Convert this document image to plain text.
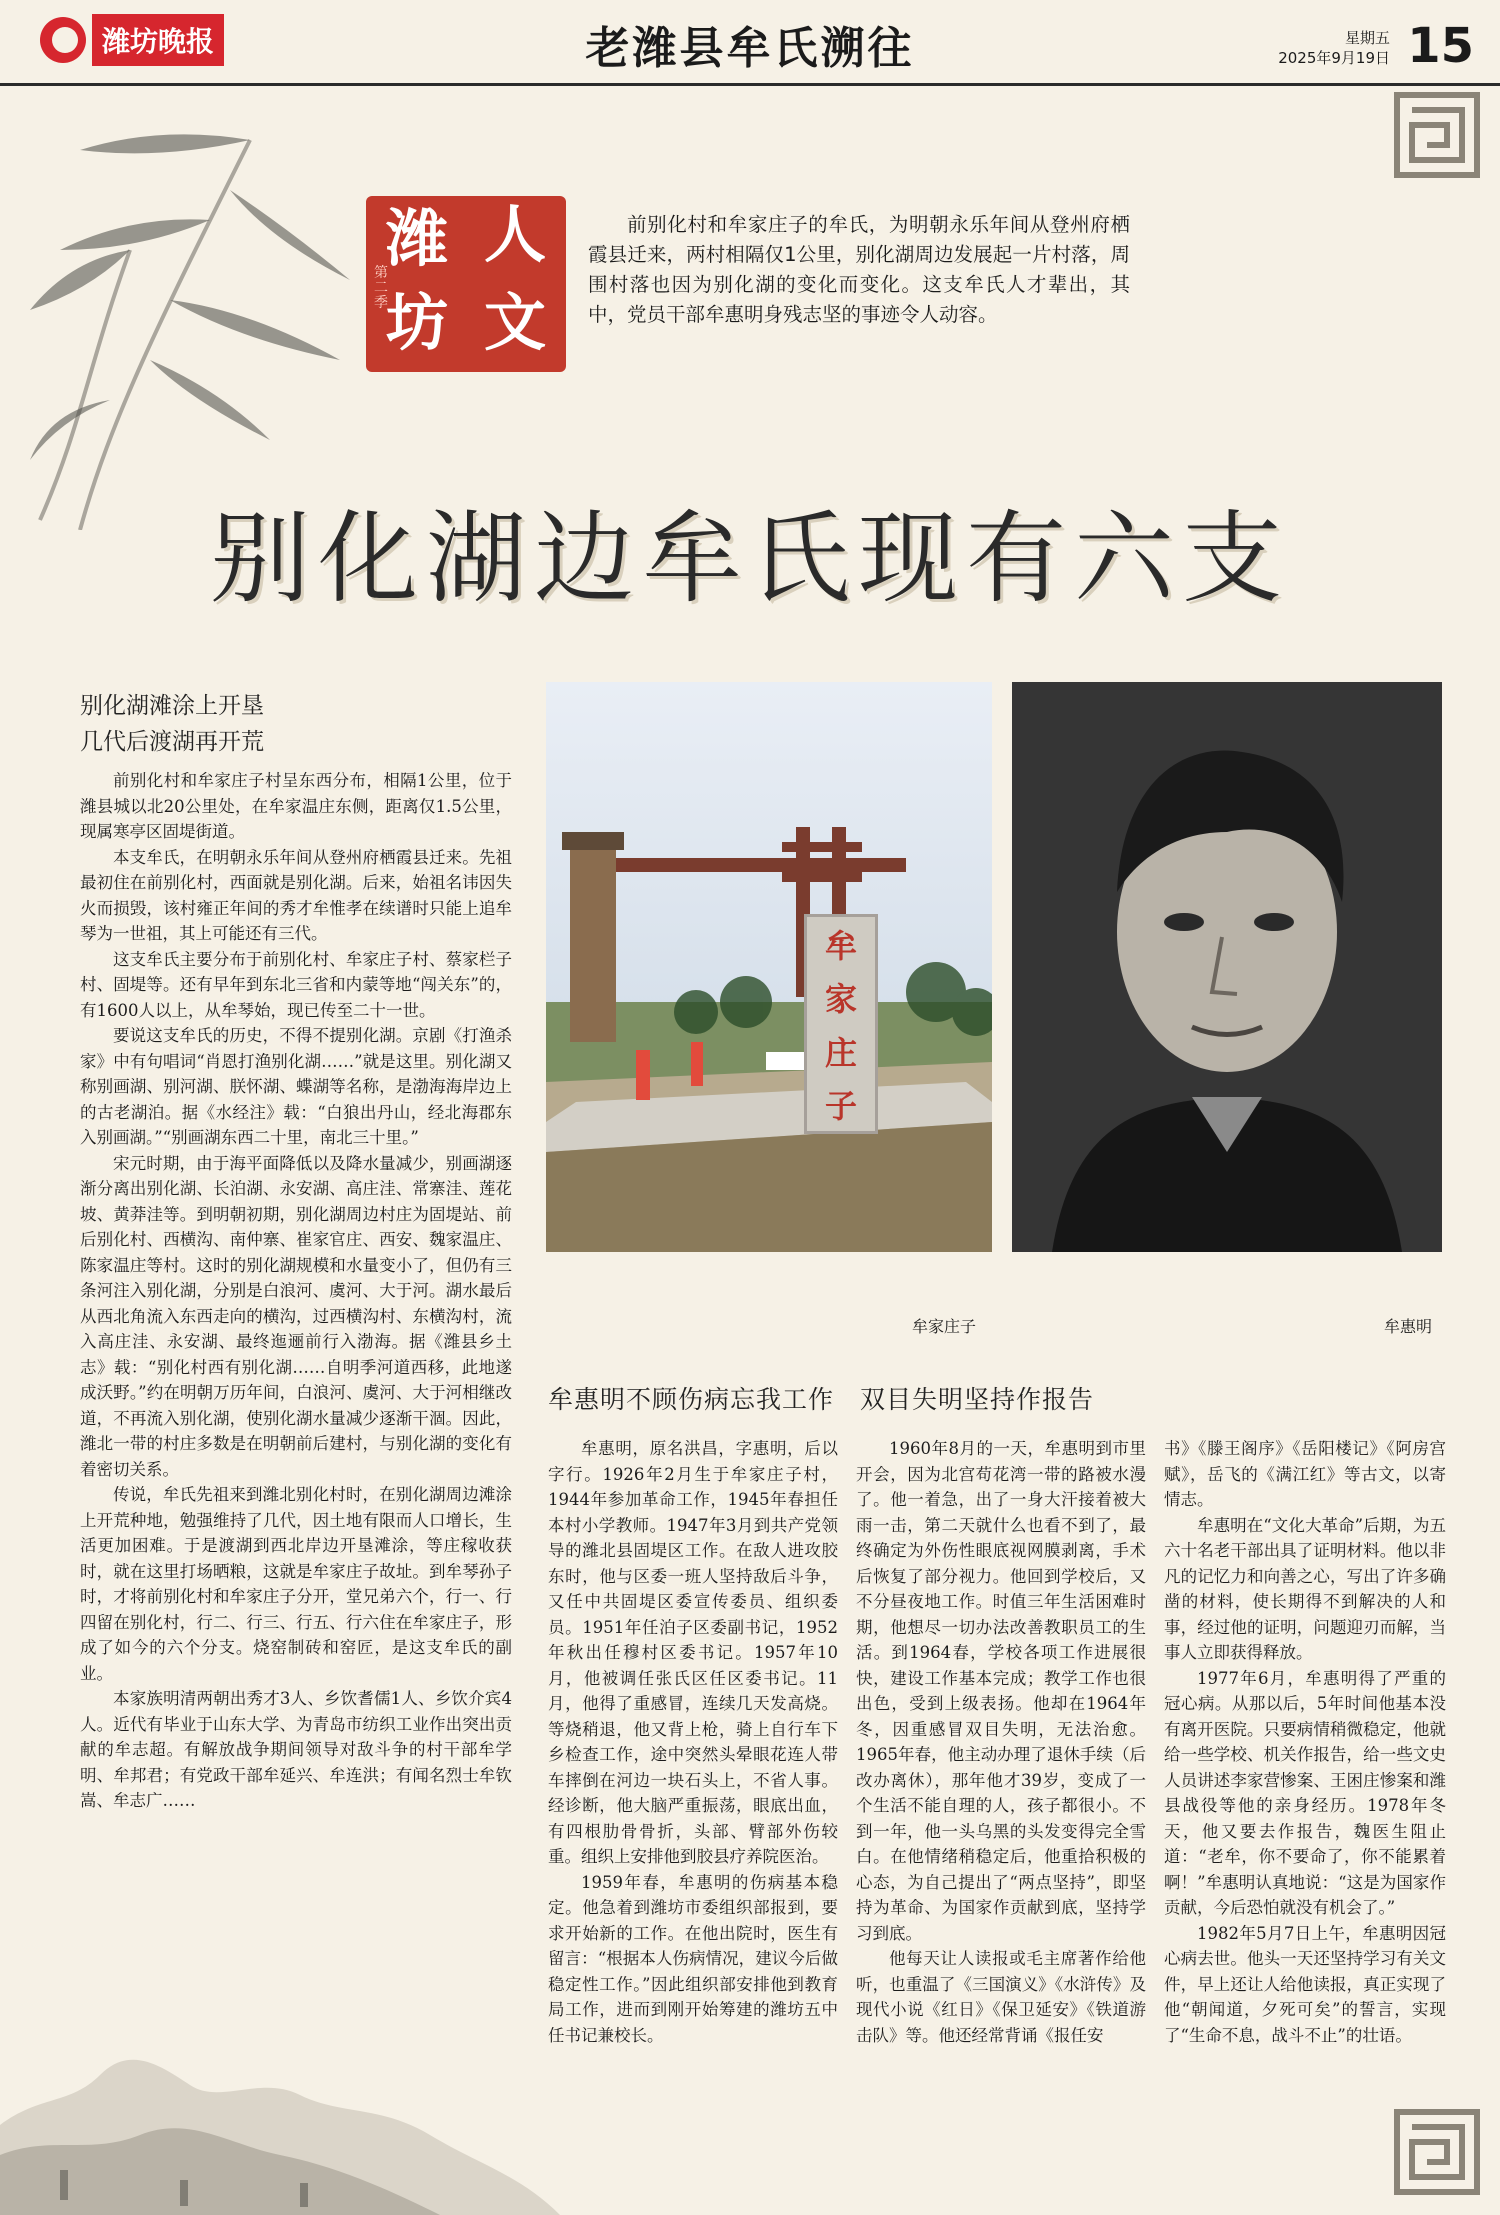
潍坊晚报	老潍县牟氏溯往	星期五
2025年9月19日 15
潍
坊
人
文
第二季
前别化村和牟家庄子的牟氏，为明朝永乐年间从登州府栖霞县迁来，两村相隔仅1公里，别化湖周边发展起一片村落，周围村落也因为别化湖的变化而变化。这支牟氏人才辈出，其中，党员干部牟惠明身残志坚的事迹令人动容。
别化湖边牟氏现有六支
别化湖滩涂上开垦
几代后渡湖再开荒

前别化村和牟家庄子村呈东西分布，相隔1公里，位于潍县城以北20公里处，在牟家温庄东侧，距离仅1.5公里，现属寒亭区固堤街道。

本支牟氏，在明朝永乐年间从登州府栖霞县迁来。先祖最初住在前别化村，西面就是别化湖。后来，始祖名讳因失火而损毁，该村雍正年间的秀才牟惟孝在续谱时只能上追牟琴为一世祖，其上可能还有三代。

这支牟氏主要分布于前别化村、牟家庄子村、蔡家栏子村、固堤等。还有早年到东北三省和内蒙等地“闯关东”的，有1600人以上，从牟琴始，现已传至二十一世。

要说这支牟氏的历史，不得不提别化湖。京剧《打渔杀家》中有句唱词“肖恩打渔别化湖……”就是这里。别化湖又称别画湖、别河湖、朕怀湖、蝶湖等名称，是渤海海岸边上的古老湖泊。据《水经注》载：“白狼出丹山，经北海郡东入别画湖。”“别画湖东西二十里，南北三十里。”

宋元时期，由于海平面降低以及降水量减少，别画湖逐渐分离出别化湖、长泊湖、永安湖、高庄洼、常寨洼、莲花坡、黄莽洼等。到明朝初期，别化湖周边村庄为固堤站、前后别化村、西横沟、南仲寨、崔家官庄、西安、魏家温庄、陈家温庄等村。这时的别化湖规模和水量变小了，但仍有三条河注入别化湖，分别是白浪河、虞河、大于河。湖水最后从西北角流入东西走向的横沟，过西横沟村、东横沟村，流入高庄洼、永安湖、最终迤逦前行入渤海。据《潍县乡土志》载：“别化村西有别化湖……自明季河道西移，此地遂成沃野。”约在明朝万历年间，白浪河、虞河、大于河相继改道，不再流入别化湖，使别化湖水量减少逐渐干涸。因此，潍北一带的村庄多数是在明朝前后建村，与别化湖的变化有着密切关系。

传说，牟氏先祖来到潍北别化村时，在别化湖周边滩涂上开荒种地，勉强维持了几代，因土地有限而人口增长，生活更加困难。于是渡湖到西北岸边开垦滩涂，等庄稼收获时，就在这里打场晒粮，这就是牟家庄子故址。到牟琴孙子时，才将前别化村和牟家庄子分开，堂兄弟六个，行一、行四留在别化村，行二、行三、行五、行六住在牟家庄子，形成了如今的六个分支。烧窑制砖和窑匠，是这支牟氏的副业。

本家族明清两朝出秀才3人、乡饮耆儒1人、乡饮介宾4人。近代有毕业于山东大学、为青岛市纺织工业作出突出贡献的牟志超。有解放战争期间领导对敌斗争的村干部牟学明、牟邦君；有党政干部牟延兴、牟连洪；有闻名烈士牟钦嵩、牟志广……

牟
家
庄
子
牟家庄子	牟惠明
牟惠明不顾伤病忘我工作　双目失明坚持作报告

牟惠明，原名洪昌，字惠明，后以字行。1926年2月生于牟家庄子村，1944年参加革命工作，1945年春担任本村小学教师。1947年3月到共产党领导的潍北县固堤区工作。在敌人进攻胶东时，他与区委一班人坚持敌后斗争，又任中共固堤区委宣传委员、组织委员。1951年任泊子区委副书记，1952年秋出任穆村区委书记。1957年10月，他被调任张氏区任区委书记。11月，他得了重感冒，连续几天发高烧。等烧稍退，他又背上枪，骑上自行车下乡检查工作，途中突然头晕眼花连人带车摔倒在河边一块石头上，不省人事。经诊断，他大脑严重振荡，眼底出血，有四根肋骨骨折，头部、臂部外伤较重。组织上安排他到胶县疗养院医治。

1959年春，牟惠明的伤病基本稳定。他急着到潍坊市委组织部报到，要求开始新的工作。在他出院时，医生有留言：“根据本人伤病情况，建议今后做稳定性工作。”因此组织部安排他到教育局工作，进而到刚开始筹建的潍坊五中任书记兼校长。

1960年8月的一天，牟惠明到市里开会，因为北宫苟花湾一带的路被水漫了。他一着急，出了一身大汗接着被大雨一击，第二天就什么也看不到了，最终确定为外伤性眼底视网膜剥离，手术后恢复了部分视力。他回到学校后，又不分昼夜地工作。时值三年生活困难时期，他想尽一切办法改善教职员工的生活。到1964春，学校各项工作进展很快，建设工作基本完成；教学工作也很出色，受到上级表扬。他却在1964年冬，因重感冒双目失明，无法治愈。1965年春，他主动办理了退休手续（后改办离休），那年他才39岁，变成了一个生活不能自理的人，孩子都很小。不到一年，他一头乌黑的头发变得完全雪白。在他情绪稍稳定后，他重拾积极的心态，为自己提出了“两点坚持”，即坚持为革命、为国家作贡献到底，坚持学习到底。

他每天让人读报或毛主席著作给他听，也重温了《三国演义》《水浒传》及现代小说《红日》《保卫延安》《铁道游击队》等。他还经常背诵《报任安

书》《滕王阁序》《岳阳楼记》《阿房宫赋》，岳飞的《满江红》等古文，以寄情志。

牟惠明在“文化大革命”后期，为五六十名老干部出具了证明材料。他以非凡的记忆力和向善之心，写出了许多确凿的材料，使长期得不到解决的人和事，经过他的证明，问题迎刃而解，当事人立即获得释放。

1977年6月，牟惠明得了严重的冠心病。从那以后，5年时间他基本没有离开医院。只要病情稍微稳定，他就给一些学校、机关作报告，给一些文史人员讲述李家营惨案、王困庄惨案和潍县战役等他的亲身经历。1978年冬天，他又要去作报告，魏医生阻止道：“老牟，你不要命了，你不能累着啊！”牟惠明认真地说：“这是为国家作贡献，今后恐怕就没有机会了。”

1982年5月7日上午，牟惠明因冠心病去世。他头一天还坚持学习有关文件，早上还让人给他读报，真正实现了他“朝闻道，夕死可矣”的誓言，实现了“生命不息，战斗不止”的壮语。
